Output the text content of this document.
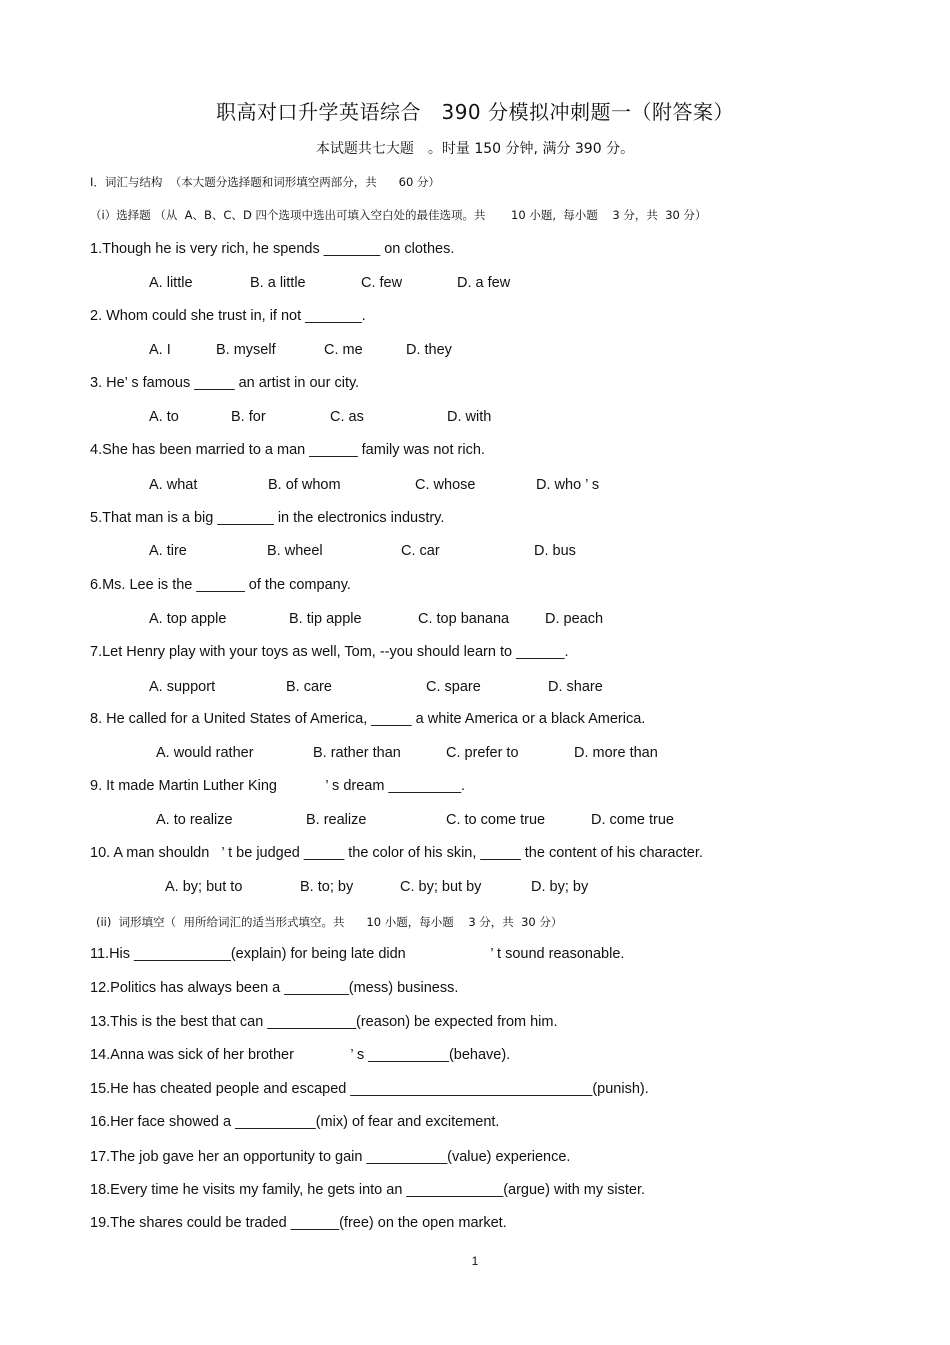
职高对口升学英语综合　390 分模拟冲刺题一（附答案）
本试题共七大题　。时量 150 分钟, 满分 390 分。
I．词汇与结构  （本大题分选择题和词形填空两部分，共      60 分）
（i）选择题 （从  A、B、C、D 四个选项中选出可填入空白处的最佳选项。共       10 小题,  每小题    3 分，共  30 分）
1.Though he is very rich, he spends _______ on clothes.
A. little	B. a little	C. few	D. a few
2. Whom could she trust in, if not _______.
A. I	B. myself	C. me	D. they
3. He’ s famous _____ an artist in our city.
A. to	B. for	C. as	D. with
4.She has been married to a man ______ family was not rich.
A. what	B. of whom	C. whose	D. who ’ s
5.That man is a big _______ in the electronics industry.
A. tire	B. wheel	C. car	D. bus
6.Ms. Lee is the ______ of the company.
A. top apple	B. tip apple	C. top banana D. peach
7.Let Henry play with your toys as well, Tom, --you should learn to ______.
A. support	B. care	C. spare	D. share
8. He called for a United States of America, _____ a white America or a black America.
A. would rather	B. rather than	C. prefer to	D. more than
9. It made Martin Luther King            ’ s dream _________.
A. to realize	B. realize	C. to come true	D. come true
10. A man shouldn   ’ t be judged _____ the color of his skin, _____ the content of his character.
A. by; but to	B. to; by	C. by; but by	D. by; by
(ii)  词形填空（  用所给词汇的适当形式填空。共      10 小题，每小题    3 分，共  30 分）
11.His ____________(explain) for being late didn                     ’ t sound reasonable.
12.Politics has always been a ________(mess) business.
13.This is the best that can ___________(reason) be expected from him.
14.Anna was sick of her brother              ’ s __________(behave).
15.He has cheated people and escaped ______________________________(punish).
16.Her face showed a __________(mix) of fear and excitement.
17.The job gave her an opportunity to gain __________(value) experience.
18.Every time he visits my family, he gets into an ____________(argue) with my sister.
19.The shares could be traded ______(free) on the open market.
1
